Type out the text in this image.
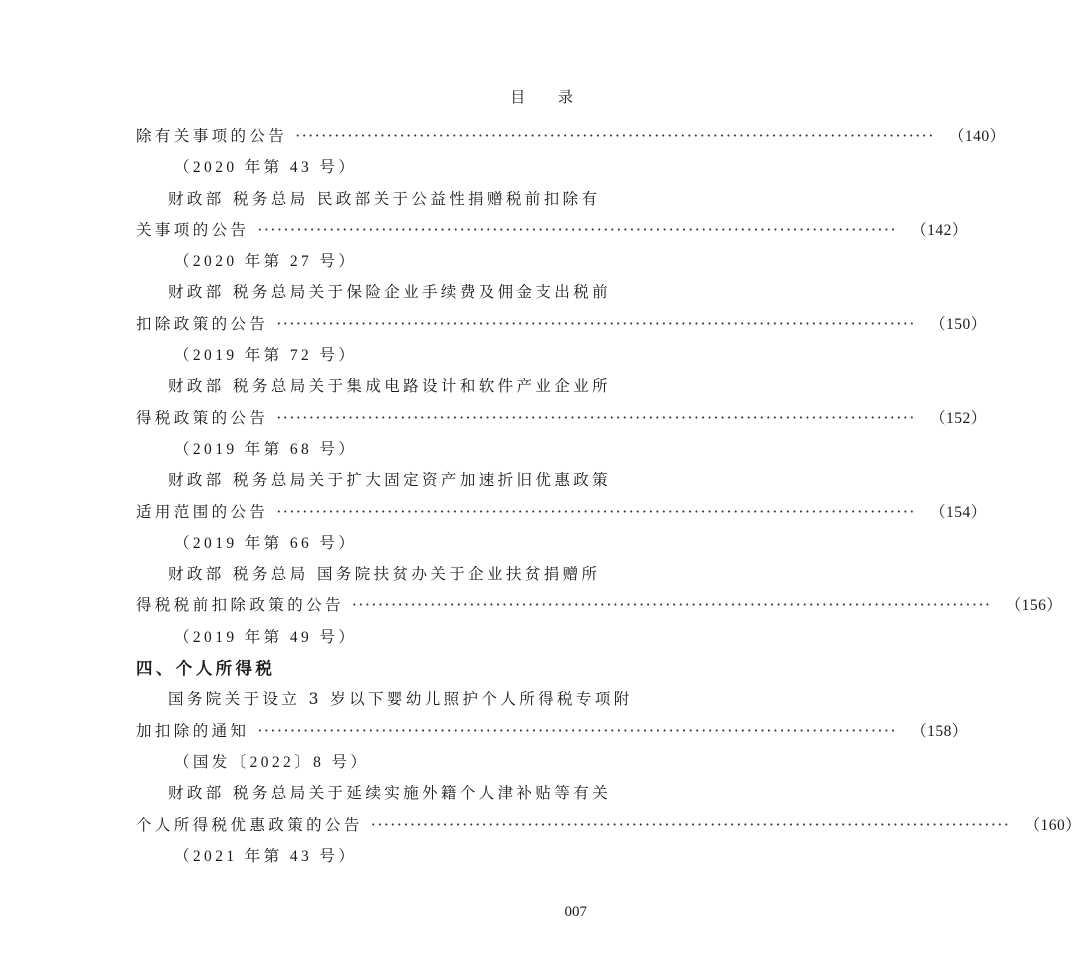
目 录
除有关事项的公告 ·································································································· （140）
（2020 年第 43 号）
财政部 税务总局 民政部关于公益性捐赠税前扣除有
关事项的公告 ·································································································· （142）
（2020 年第 27 号）
财政部 税务总局关于保险企业手续费及佣金支出税前
扣除政策的公告 ·································································································· （150）
（2019 年第 72 号）
财政部 税务总局关于集成电路设计和软件产业企业所
得税政策的公告 ·································································································· （152）
（2019 年第 68 号）
财政部 税务总局关于扩大固定资产加速折旧优惠政策
适用范围的公告 ·································································································· （154）
（2019 年第 66 号）
财政部 税务总局 国务院扶贫办关于企业扶贫捐赠所
得税税前扣除政策的公告 ·································································································· （156）
（2019 年第 49 号）
四、个人所得税
国务院关于设立 3 岁以下婴幼儿照护个人所得税专项附
加扣除的通知 ·································································································· （158）
（国发〔2022〕8 号）
财政部 税务总局关于延续实施外籍个人津补贴等有关
个人所得税优惠政策的公告 ·································································································· （160）
（2021 年第 43 号）
007
